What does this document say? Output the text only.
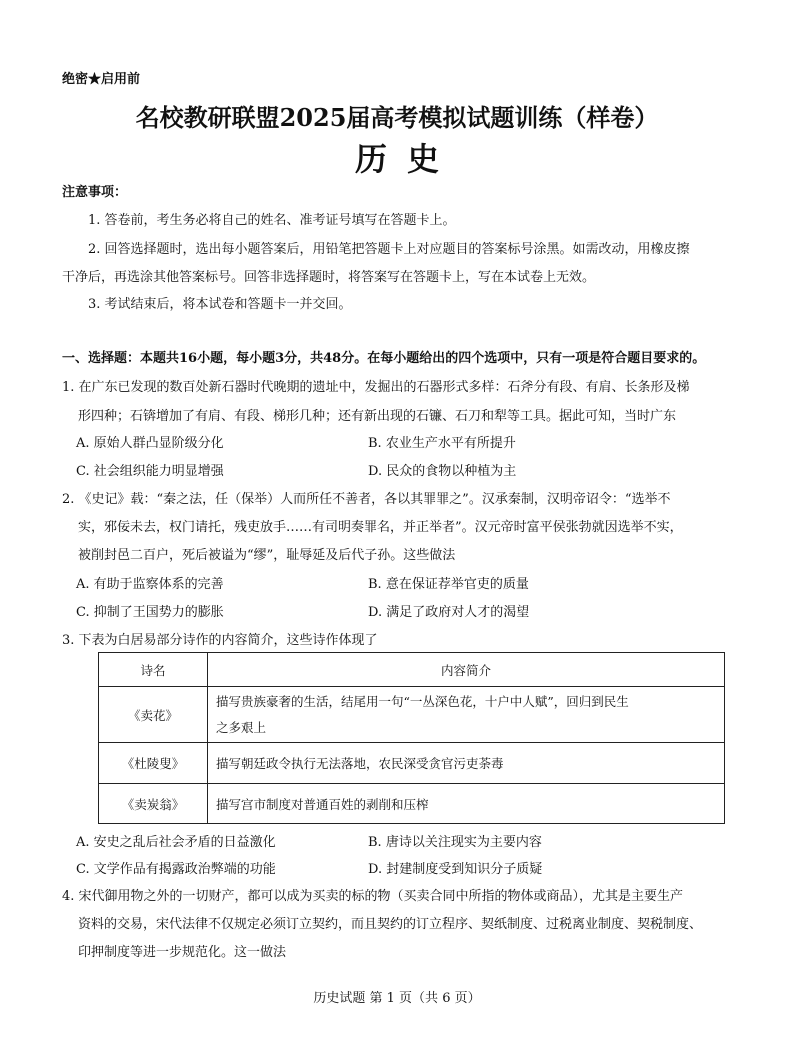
绝密★启用前
名校教研联盟2025届高考模拟试题训练（样卷）
历史
注意事项：
1. 答卷前，考生务必将自己的姓名、准考证号填写在答题卡上。
2. 回答选择题时，选出每小题答案后，用铅笔把答题卡上对应题目的答案标号涂黑。如需改动，用橡皮擦
干净后，再选涂其他答案标号。回答非选择题时，将答案写在答题卡上，写在本试卷上无效。
3. 考试结束后，将本试卷和答题卡一并交回。
一、选择题：本题共16小题，每小题3分，共48分。在每小题给出的四个选项中，只有一项是符合题目要求的。
1. 在广东已发现的数百处新石器时代晚期的遗址中，发掘出的石器形式多样：石斧分有段、有肩、长条形及梯
形四种；石锛增加了有肩、有段、梯形几种；还有新出现的石镰、石刀和犁等工具。据此可知，当时广东
A. 原始人群凸显阶级分化	B. 农业生产水平有所提升
C. 社会组织能力明显增强	D. 民众的食物以种植为主
2. 《史记》载：“秦之法，任（保举）人而所任不善者，各以其罪罪之”。汉承秦制，汉明帝诏令：“选举不
实，邪佞未去，权门请托，残吏放手……有司明奏罪名，并正举者”。汉元帝时富平侯张勃就因选举不实，
被削封邑二百户，死后被谥为“缪”，耻辱延及后代子孙。这些做法
A. 有助于监察体系的完善	B. 意在保证荐举官吏的质量
C. 抑制了王国势力的膨胀	D. 满足了政府对人才的渴望
3. 下表为白居易部分诗作的内容简介，这些诗作体现了
诗名	内容简介
《卖花》	描写贵族豪奢的生活，结尾用一句“一丛深色花，十户中人赋”，回归到民生
之多艰上

《杜陵叟》	描写朝廷政令执行无法落地，农民深受贪官污吏荼毒
《卖炭翁》	描写宫市制度对普通百姓的剥削和压榨
A. 安史之乱后社会矛盾的日益激化	B. 唐诗以关注现实为主要内容
C. 文学作品有揭露政治弊端的功能	D. 封建制度受到知识分子质疑
4. 宋代御用物之外的一切财产，都可以成为买卖的标的物（买卖合同中所指的物体或商品），尤其是主要生产
资料的交易，宋代法律不仅规定必须订立契约，而且契约的订立程序、契纸制度、过税离业制度、契税制度、
印押制度等进一步规范化。这一做法
历史试题 第 1 页（共 6 页）
